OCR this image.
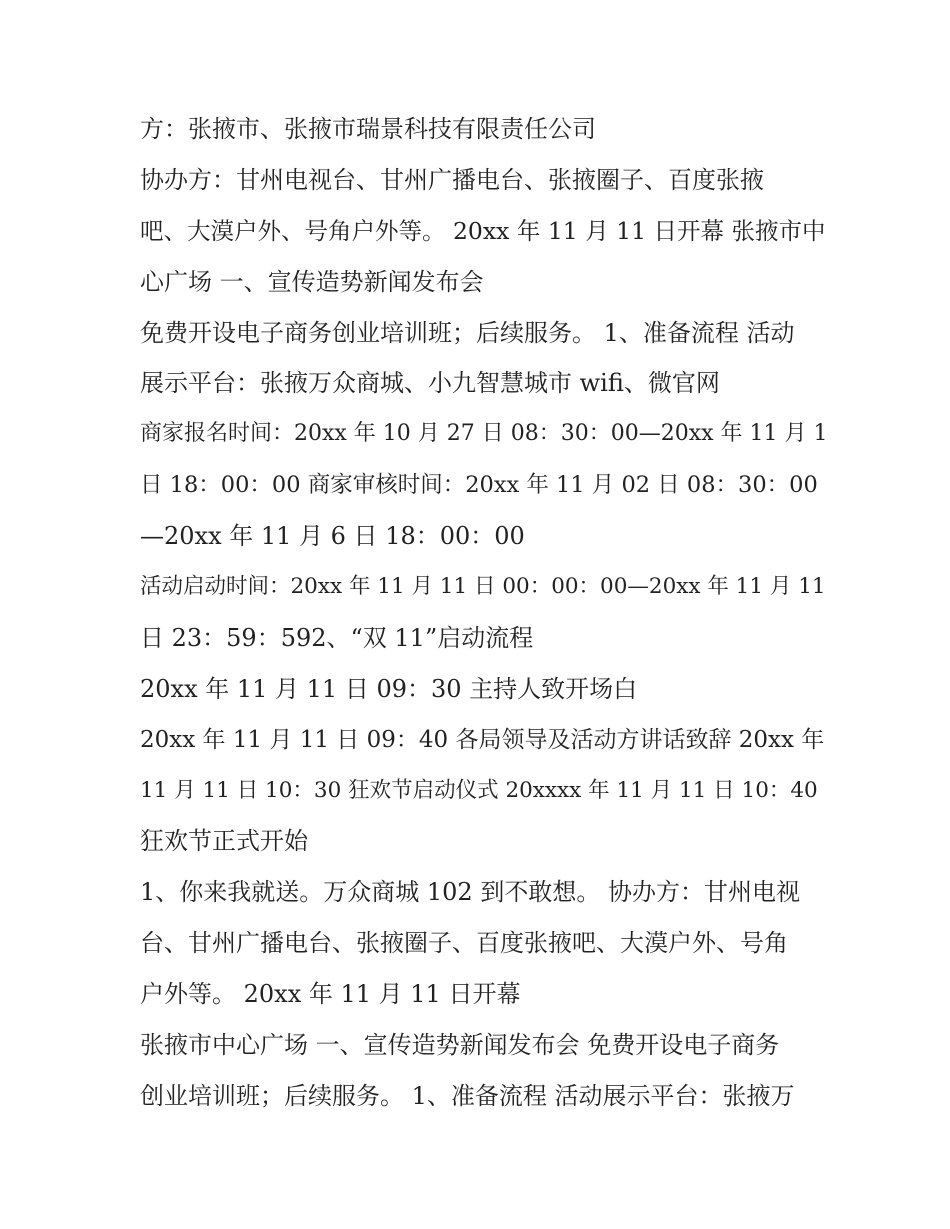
方：张掖市、张掖市瑞景科技有限责任公司
协办方：甘州电视台、甘州广播电台、张掖圈子、百度张掖
吧、大漠户外、号角户外等。 20xx 年 11 月 11 日开幕 张掖市中
心广场 一、宣传造势新闻发布会
免费开设电子商务创业培训班；后续服务。 1、准备流程 活动
展示平台：张掖万众商城、小九智慧城市 wifi、微官网
商家报名时间：20xx 年 10 月 27 日 08：30：00—20xx 年 11 月 1
日 18：00：00 商家审核时间：20xx 年 11 月 02 日 08：30：00
—20xx 年 11 月 6 日 18：00：00
活动启动时间：20xx 年 11 月 11 日 00：00：00—20xx 年 11 月 11
日 23：59：592、“双 11”启动流程
20xx 年 11 月 11 日 09：30 主持人致开场白
20xx 年 11 月 11 日 09：40 各局领导及活动方讲话致辞 20xx 年
11 月 11 日 10：30 狂欢节启动仪式 20xxxx 年 11 月 11 日 10：40
狂欢节正式开始
1、你来我就送。万众商城 102 到不敢想。 协办方：甘州电视
台、甘州广播电台、张掖圈子、百度张掖吧、大漠户外、号角
户外等。 20xx 年 11 月 11 日开幕
张掖市中心广场 一、宣传造势新闻发布会 免费开设电子商务
创业培训班；后续服务。 1、准备流程 活动展示平台：张掖万
